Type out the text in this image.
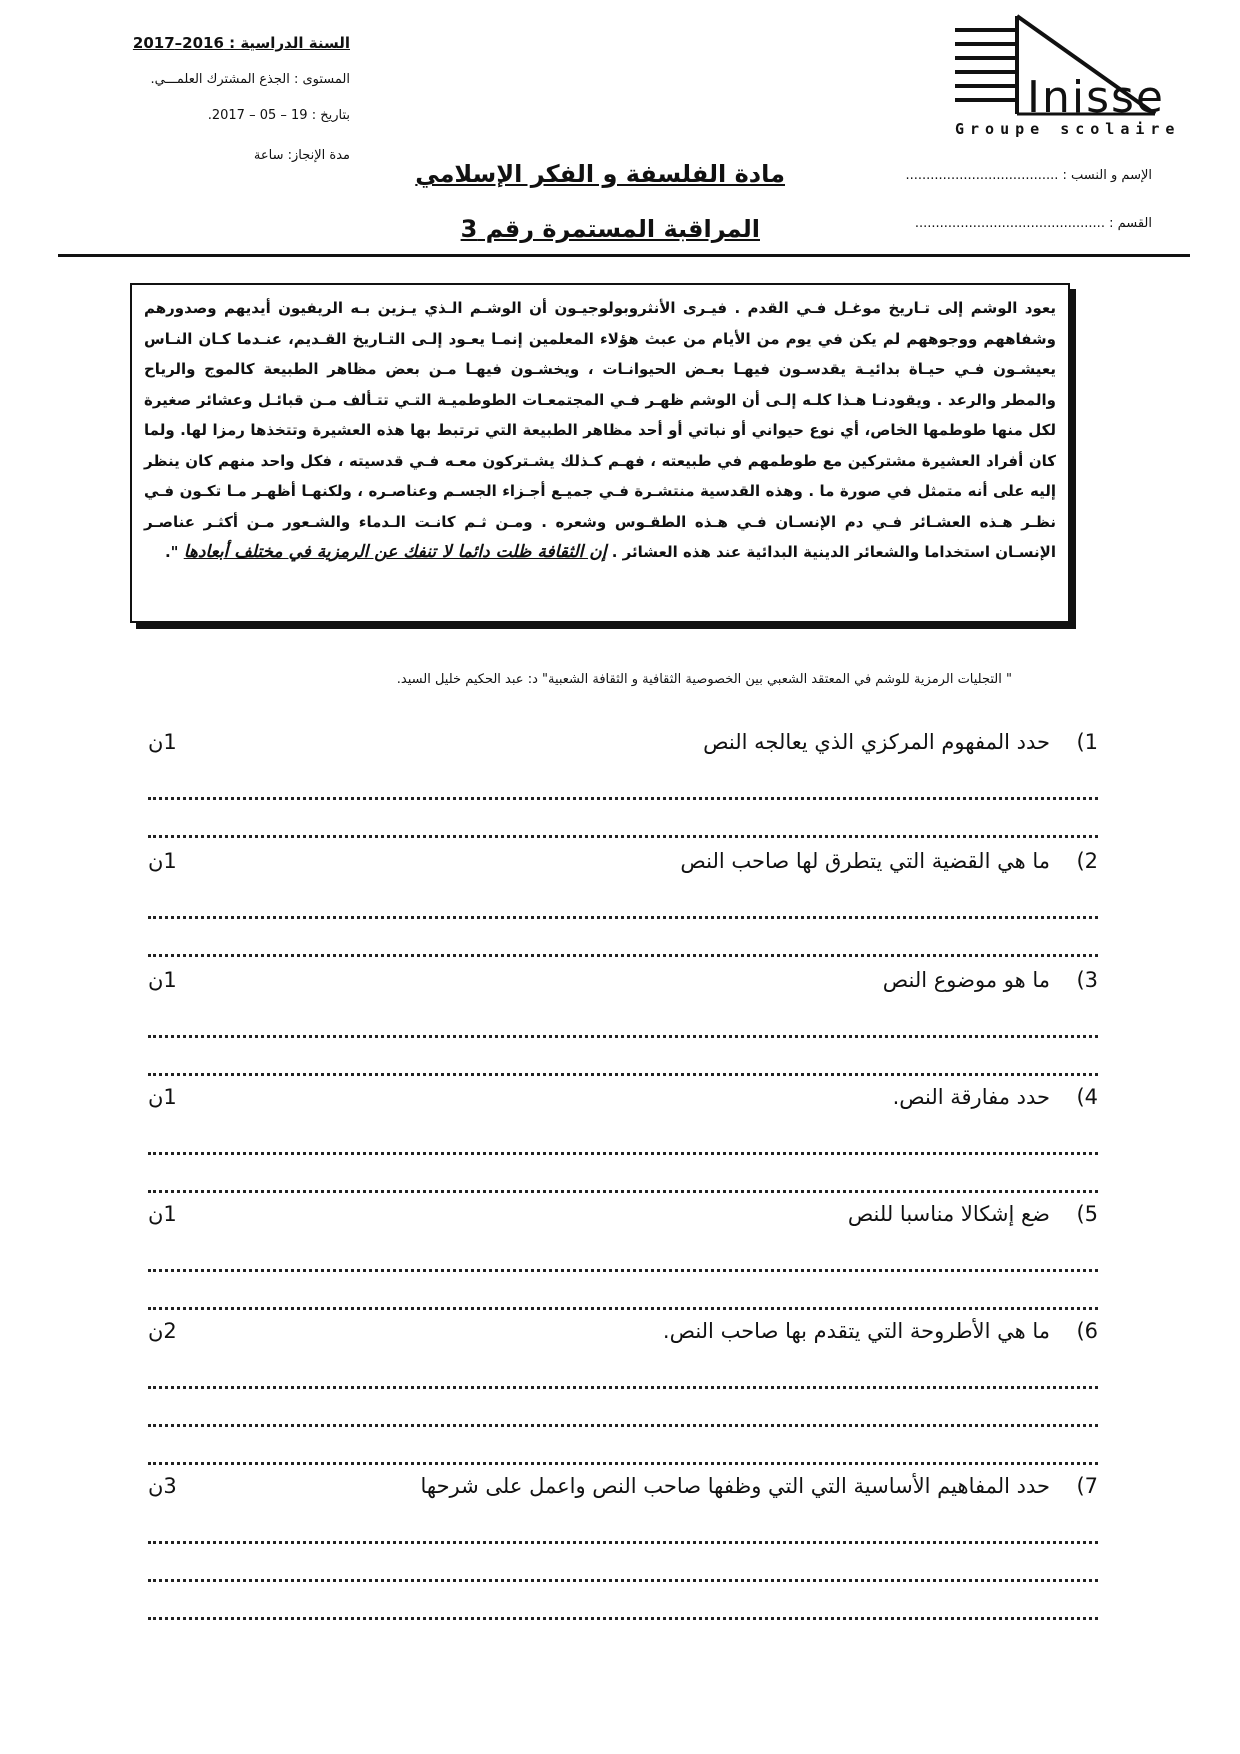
Inisse
Groupe scolaire
السنة الدراسية : 2016–2017
المستوى : الجذع المشترك العلمـــي.
بتاريخ : 19 – 05 – 2017.
مدة الإنجاز: ساعة
مادة الفلسفة و الفكر الإسلامي
المراقبة المستمرة رقم 3
الإسم و النسب : .....................................
القسم : ..............................................

يعود الوشم إلى تـاريخ موغـل فـي القدم . فيـرى الأنثروبولوجيـون أن الوشـم الـذي يـزين بـه الريفيون أيديهم وصدورهم وشفاههم ووجوههم لم يكن في يوم من الأيام من عبث هؤلاء المعلمين إنمـا يعـود إلـى التـاريخ القـديم، عنـدما كـان النـاس يعيشـون فـي حيـاة بدائيـة يقدسـون فيهـا بعـض الحيوانـات ، ويخشـون فيهـا مـن بعض مظاهر الطبيعة كالموج والرياح والمطر والرعد . ويقودنـا هـذا كلـه إلـى أن الوشم ظهـر فـي المجتمعـات الطوطميـة التـي تتـألف مـن قبائـل وعشائر صغيرة لكل منها طوطمها الخاص، أي نوع حيواني أو نباتي أو أحد مظاهر الطبيعة التي ترتبط بها هذه العشيرة وتتخذها رمزا لها. ولما كان أفراد العشيرة مشتركين مع طوطمهم في طبيعته ، فهـم كـذلك يشـتركون معـه فـي قدسيته ، فكل واحد منهم كان ينظر إليه على أنه متمثل في صورة ما . وهذه القدسية منتشـرة فـي جميـع أجـزاء الجسـم وعناصـره ، ولكنهـا أظهـر مـا تكـون فـي نظـر هـذه العشـائر فـي دم الإنسـان فـي هـذه الطقـوس وشعره . ومـن ثـم كانـت الـدماء والشـعور مـن أكثـر عناصـر الإنسـان استخداما والشعائر الدينية البدائية عند هذه العشائر . إن الثقافة ظلت دائما لا تنفك عن الرمزية في مختلف أبعادها ".

" التجليات الرمزية للوشم في المعتقد الشعبي بين الخصوصية الثقافية و الثقافة الشعبية" د: عبد الحكيم خليل السيد.
(1
حدد المفهوم المركزي الذي يعالجه النص
1ن
(2
ما هي القضية التي يتطرق لها صاحب النص
1ن
(3
ما هو موضوع النص
1ن
(4
حدد مفارقة النص.
1ن
(5
ضع إشكالا مناسبا للنص
1ن
(6
ما هي الأطروحة التي يتقدم بها صاحب النص.
2ن
(7
حدد المفاهيم الأساسية التي التي وظفها صاحب النص واعمل على شرحها
3ن
